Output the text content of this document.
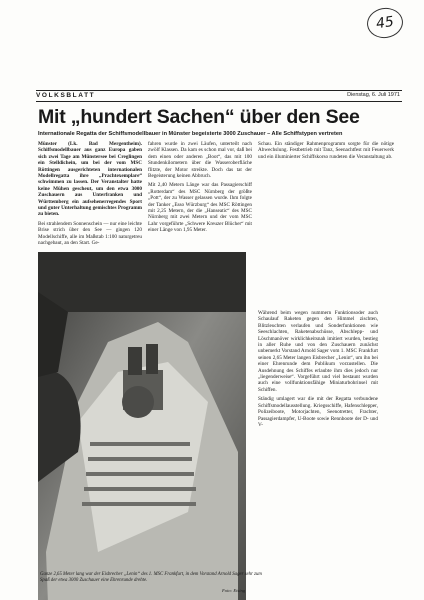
45
VOLKSBLATT	Dienstag, 6. Juli 1971
Mit „hundert Sachen“ über den See
Internationale Regatta der Schiffsmodellbauer in Münster begeisterte 3000 Zuschauer – Alle Schiffstypen vertreten

Münster (Lk. Bad Mergentheim). Schiffsmodellbauer aus ganz Europa gaben sich zwei Tage am Münstersee bei Creglingen ein Stelldichein, um bei der vom MSC Röttingen ausgerichteten internationalen Modellregatta ihre „Prachtexemplare“ schwimmen zu lassen. Der Veranstalter hatte keine Mühen gescheut, um den etwa 3000 Zuschauern aus Unterfranken und Württemberg ein aufsehenerregendes Sport und guter Unterhaltung gemischtes Programm zu bieten.

Bei strahlendem Sonnenschein — nur eine leichte Brise strich über den See — gingen 120 Modellschiffe, alle im Maßstab 1:100 naturgetreu nachgebaut, an den Start. Ge-

fahren wurde in zwei Läufen, unterteilt nach zwölf Klassen. Da kam es schon mal vor, daß bei dem einen oder anderen „Boot“, das mit 100 Stundenkilometern über die Wasseroberfläche flitzte, der Motor streikte. Doch das tat der Begeisterung keinen Abbruch.

Mit 2,40 Metern Länge war das Passagierschiff „Rotterdam“ des MSC Nürnberg der größte „Pott“, der zu Wasser gelassen wurde. Ihm folgte der Tanker „Esso Würzburg“ des MSC Röttingen mit 2,25 Metern, der die „Hanseatic“ des MSC Nürnberg mit zwei Metern und der vom MSC Lahr vorgeführte „Schwere Kreuzer Blücher“ mit einer Länge von 1,95 Meter.

Schau. Ein ständiger Rahmenprogramm sorgte für die nötige Abwechslung. Festbetrieb mit Tanz, Seenachtfest mit Feuerwerk und ein illuminierter Schiffskorso rundeten die Veranstaltung ab.

Während beim wegen nummern Funktionsoder auch Schaulauf Raketen gegen den Himmel zischten, Blitzleuchten verlaufen und Sonderfunktionen wie Seeschlachten, Raketenabschüsse, Abschlepp- und Löschmanöver wirklichkeitsnah imitiert wurden, bestieg in aller Ruhe und von den Zuschauern zunächst unbemerkt Vorstand Arnold Sager vom 1. MSC Frankfurt seinen 2,65 Meter langen Eisbrecher „Lenin“, um ihn bei einer Ehrenrunde dem Publikum vorzustellen. Die Ausdehnung des Schiffes erlaubte ihm dies jedoch nur „liegenderweise“. Vorgeführt und viel bestaunt wurden auch eine vollfunktionsfähige Miniaturbohrinsel mit Schiffen.

Ständig umlagert war die mit der Regatta verbundene Schiffsmodellausstellung. Kriegsschiffe, Hafenschlepper, Polizeiboote, Motorjachten, Seenotretter, Frachter, Passagierdampfer, U-Boote sowie Rennboote der D- und V-

Ganze 2,65 Meter lang war der Eisbrecher „Lenin“ des 1. MSC Frankfurt, in dem Vorstand Arnold Sager sehr zum Spaß der etwa 3000 Zuschauer eine Ehrenrunde drehte.
Foto: Eising
